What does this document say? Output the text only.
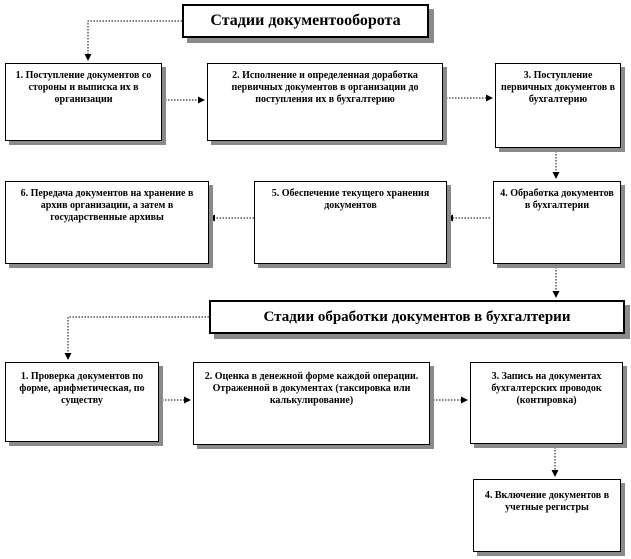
Стадии документооборота
1. Поступление документов со стороны и выписка их в организации
2. Исполнение и определенная доработка первичных документов в организации до поступления их в бухгалтерию
3. Поступление первичных документов в бухгалтерию
4. Обработка документов в бухгалтерии
5. Обеспечение текущего хранения документов
6. Передача документов на хранение в архив организации, а затем в государственные архивы
Стадии обработки документов в бухгалтерии
1. Проверка документов по форме, арифметическая, по существу
2. Оценка в денежной форме каждой операции. Отраженной в документах (таксировка или калькулирование)
3. Запись на документах бухгалтерских проводок (контировка)
4. Включение документов в учетные регистры
